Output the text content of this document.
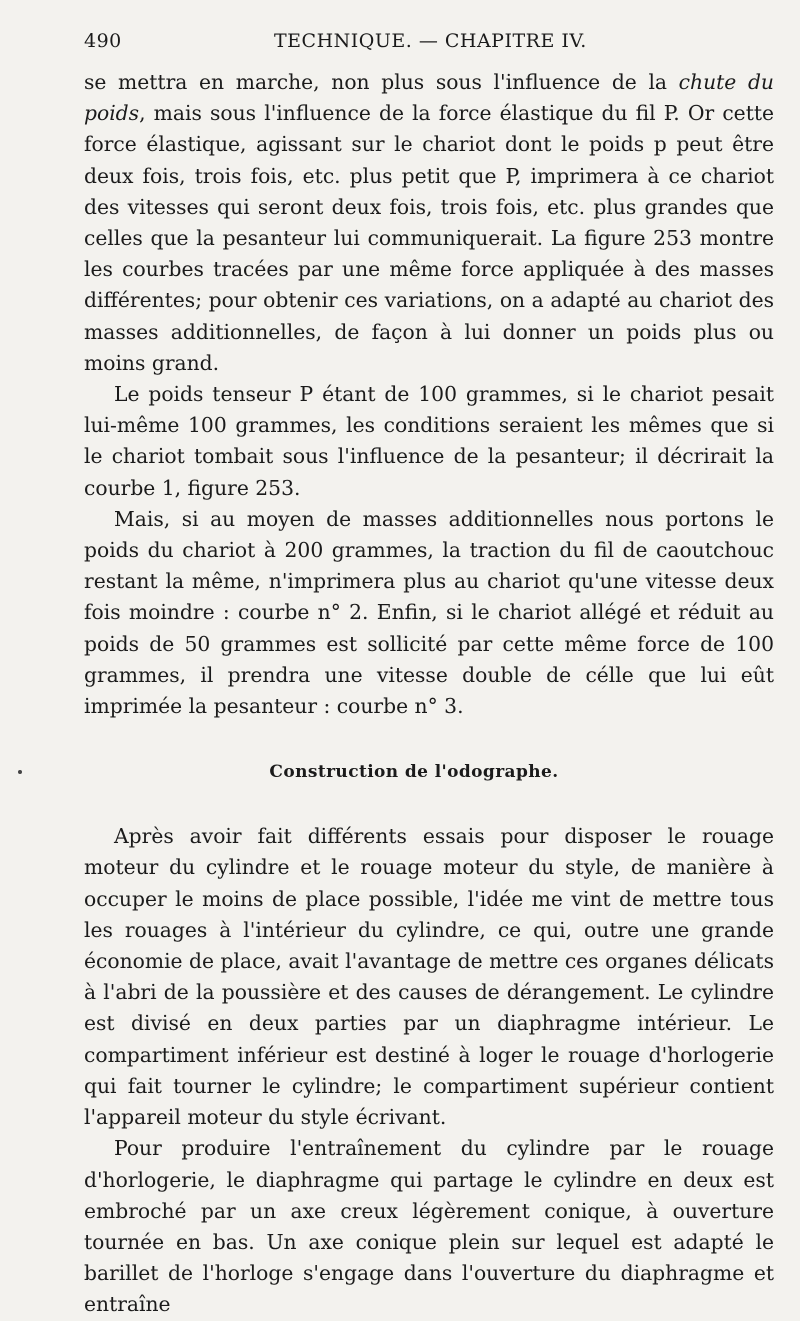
490	TECHNIQUE. — CHAPITRE IV.

se mettra en marche, non plus sous l'influence de la chute du poids, mais sous l'influence de la force élastique du fil P. Or cette force élastique, agissant sur le chariot dont le poids p peut être deux fois, trois fois, etc. plus petit que P, imprimera à ce chariot des vitesses qui seront deux fois, trois fois, etc. plus grandes que celles que la pesanteur lui communiquerait. La figure 253 montre les courbes tracées par une même force appliquée à des masses différentes; pour obtenir ces variations, on a adapté au chariot des masses additionnelles, de façon à lui donner un poids plus ou moins grand.

Le poids tenseur P étant de 100 grammes, si le chariot pesait lui-même 100 grammes, les conditions seraient les mêmes que si le chariot tombait sous l'influence de la pesanteur; il décrirait la courbe 1, figure 253.

Mais, si au moyen de masses additionnelles nous portons le poids du chariot à 200 grammes, la traction du fil de caoutchouc restant la même, n'imprimera plus au chariot qu'une vitesse deux fois moindre : courbe n° 2. Enfin, si le chariot allégé et réduit au poids de 50 grammes est sollicité par cette même force de 100 grammes, il prendra une vitesse double de célle que lui eût imprimée la pesanteur : courbe n° 3.

Construction de l'odographe.

Après avoir fait différents essais pour disposer le rouage moteur du cylindre et le rouage moteur du style, de manière à occuper le moins de place possible, l'idée me vint de mettre tous les rouages à l'intérieur du cylindre, ce qui, outre une grande économie de place, avait l'avantage de mettre ces organes délicats à l'abri de la poussière et des causes de dérangement. Le cylindre est divisé en deux parties par un diaphragme intérieur. Le compartiment inférieur est destiné à loger le rouage d'horlogerie qui fait tourner le cylindre; le compartiment supérieur contient l'appareil moteur du style écrivant.

Pour produire l'entraînement du cylindre par le rouage d'horlogerie, le diaphragme qui partage le cylindre en deux est embroché par un axe creux légèrement conique, à ouverture tournée en bas. Un axe conique plein sur lequel est adapté le barillet de l'horloge s'engage dans l'ouverture du diaphragme et entraîne
